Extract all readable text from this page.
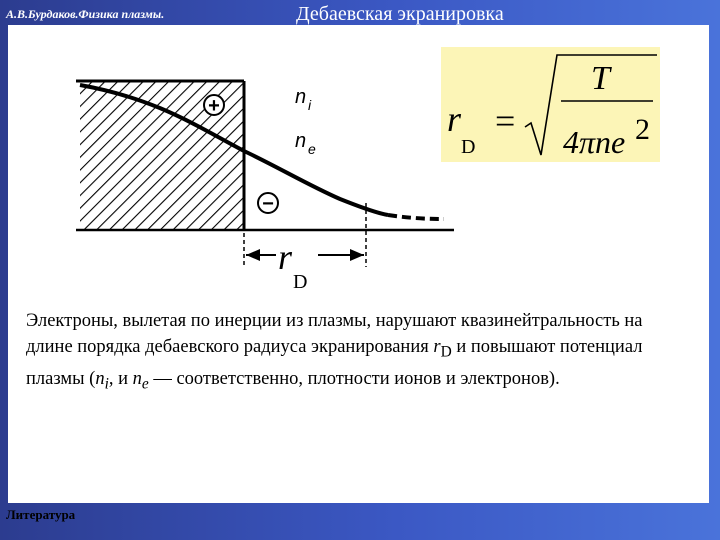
А.В.Бурдаков.Физика плазмы.	Дебаевская экранировка
+
−
n i
n e
r
D
r
D
=
T
4πne 2

Электроны, вылетая по инерции из плазмы, нарушают квазинейтральность на длине порядка дебаевского радиуса экранирования $r_D$ и повышают потенциал плазмы ($n_i$, и $n_e$ — соответственно, плотности ионов и электронов).

Литература
